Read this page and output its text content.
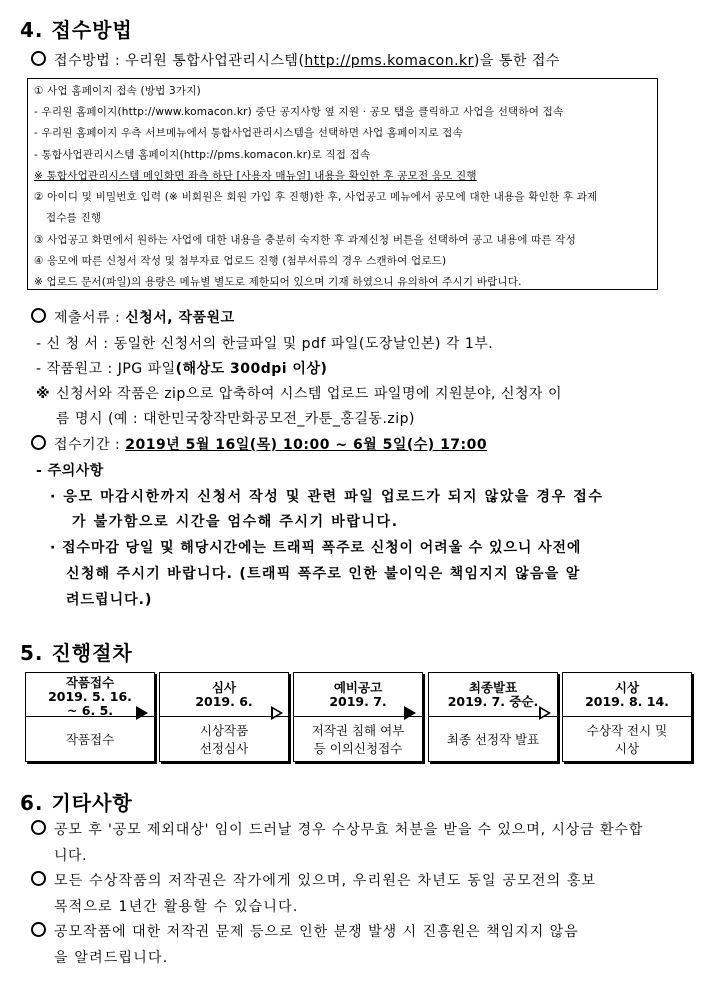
4. 접수방법
접수방법 : 우리원 통합사업관리시스템(http://pms.komacon.kr)을 통한 접수
① 사업 홈페이지 접속 (방법 3가지)
- 우리원 홈페이지(http://www.komacon.kr) 중단 공지사항 옆 지원 · 공모 탭을 클릭하고 사업을 선택하여 접속
- 우리원 홈페이지 우측 서브메뉴에서 통합사업관리시스템을 선택하면 사업 홈페이지로 접속
- 통합사업관리시스템 홈페이지(http://pms.komacon.kr)로 직접 접속
※ 통합사업관리시스템 메인화면 좌측 하단 [사용자 매뉴얼] 내용을 확인한 후 공모전 응모 진행
② 아이디 및 비밀번호 입력 (※ 비회원은 회원 가입 후 진행)한 후, 사업공고 메뉴에서 공모에 대한 내용을 확인한 후 과제
접수를 진행
③ 사업공고 화면에서 원하는 사업에 대한 내용을 충분히 숙지한 후 과제신청 버튼을 선택하여 공고 내용에 따른 작성
④ 응모에 따른 신청서 작성 및 첨부자료 업로드 진행 (첨부서류의 경우 스캔하여 업로드)
※ 업로드 문서(파일)의 용량은 메뉴별 별도로 제한되어 있으며 기재 하였으니 유의하여 주시기 바랍니다.
제출서류 : 신청서, 작품원고
- 신 청 서 : 동일한 신청서의 한글파일 및 pdf 파일(도장날인본) 각 1부.
- 작품원고 : JPG 파일(해상도 300dpi 이상)
※ 신청서와 작품은 zip으로 압축하여 시스템 업로드 파일명에 지원분야, 신청자 이
름 명시 (예 : 대한민국창작만화공모전_카툰_홍길동.zip)
접수기간 : 2019년 5월 16일(목) 10:00 ~ 6월 5일(수) 17:00
- 주의사항
· 응모 마감시한까지 신청서 작성 및 관련 파일 업로드가 되지 않았을 경우 접수
가 불가함으로 시간을 엄수해 주시기 바랍니다.
· 접수마감 당일 및 해당시간에는 트래픽 폭주로 신청이 어려울 수 있으니 사전에
신청해 주시기 바랍니다. (트래픽 폭주로 인한 불이익은 책임지지 않음을 알
려드립니다.)
5. 진행절차
작품접수
2019. 5. 16.
~ 6. 5.
작품접수
심사
2019. 6.
시상작품
선정심사
예비공고
2019. 7.
저작권 침해 여부
등 이의신청접수
최종발표
2019. 7. 중순.
최종 선정작 발표
시상
2019. 8. 14.
수상작 전시 및
시상
6. 기타사항
공모 후 '공모 제외대상' 임이 드러날 경우 수상무효 처분을 받을 수 있으며, 시상금 환수합
니다.
모든 수상작품의 저작권은 작가에게 있으며, 우리원은 차년도 동일 공모전의 홍보
목적으로 1년간 활용할 수 있습니다.
공모작품에 대한 저작권 문제 등으로 인한 분쟁 발생 시 진흥원은 책임지지 않음
을 알려드립니다.
